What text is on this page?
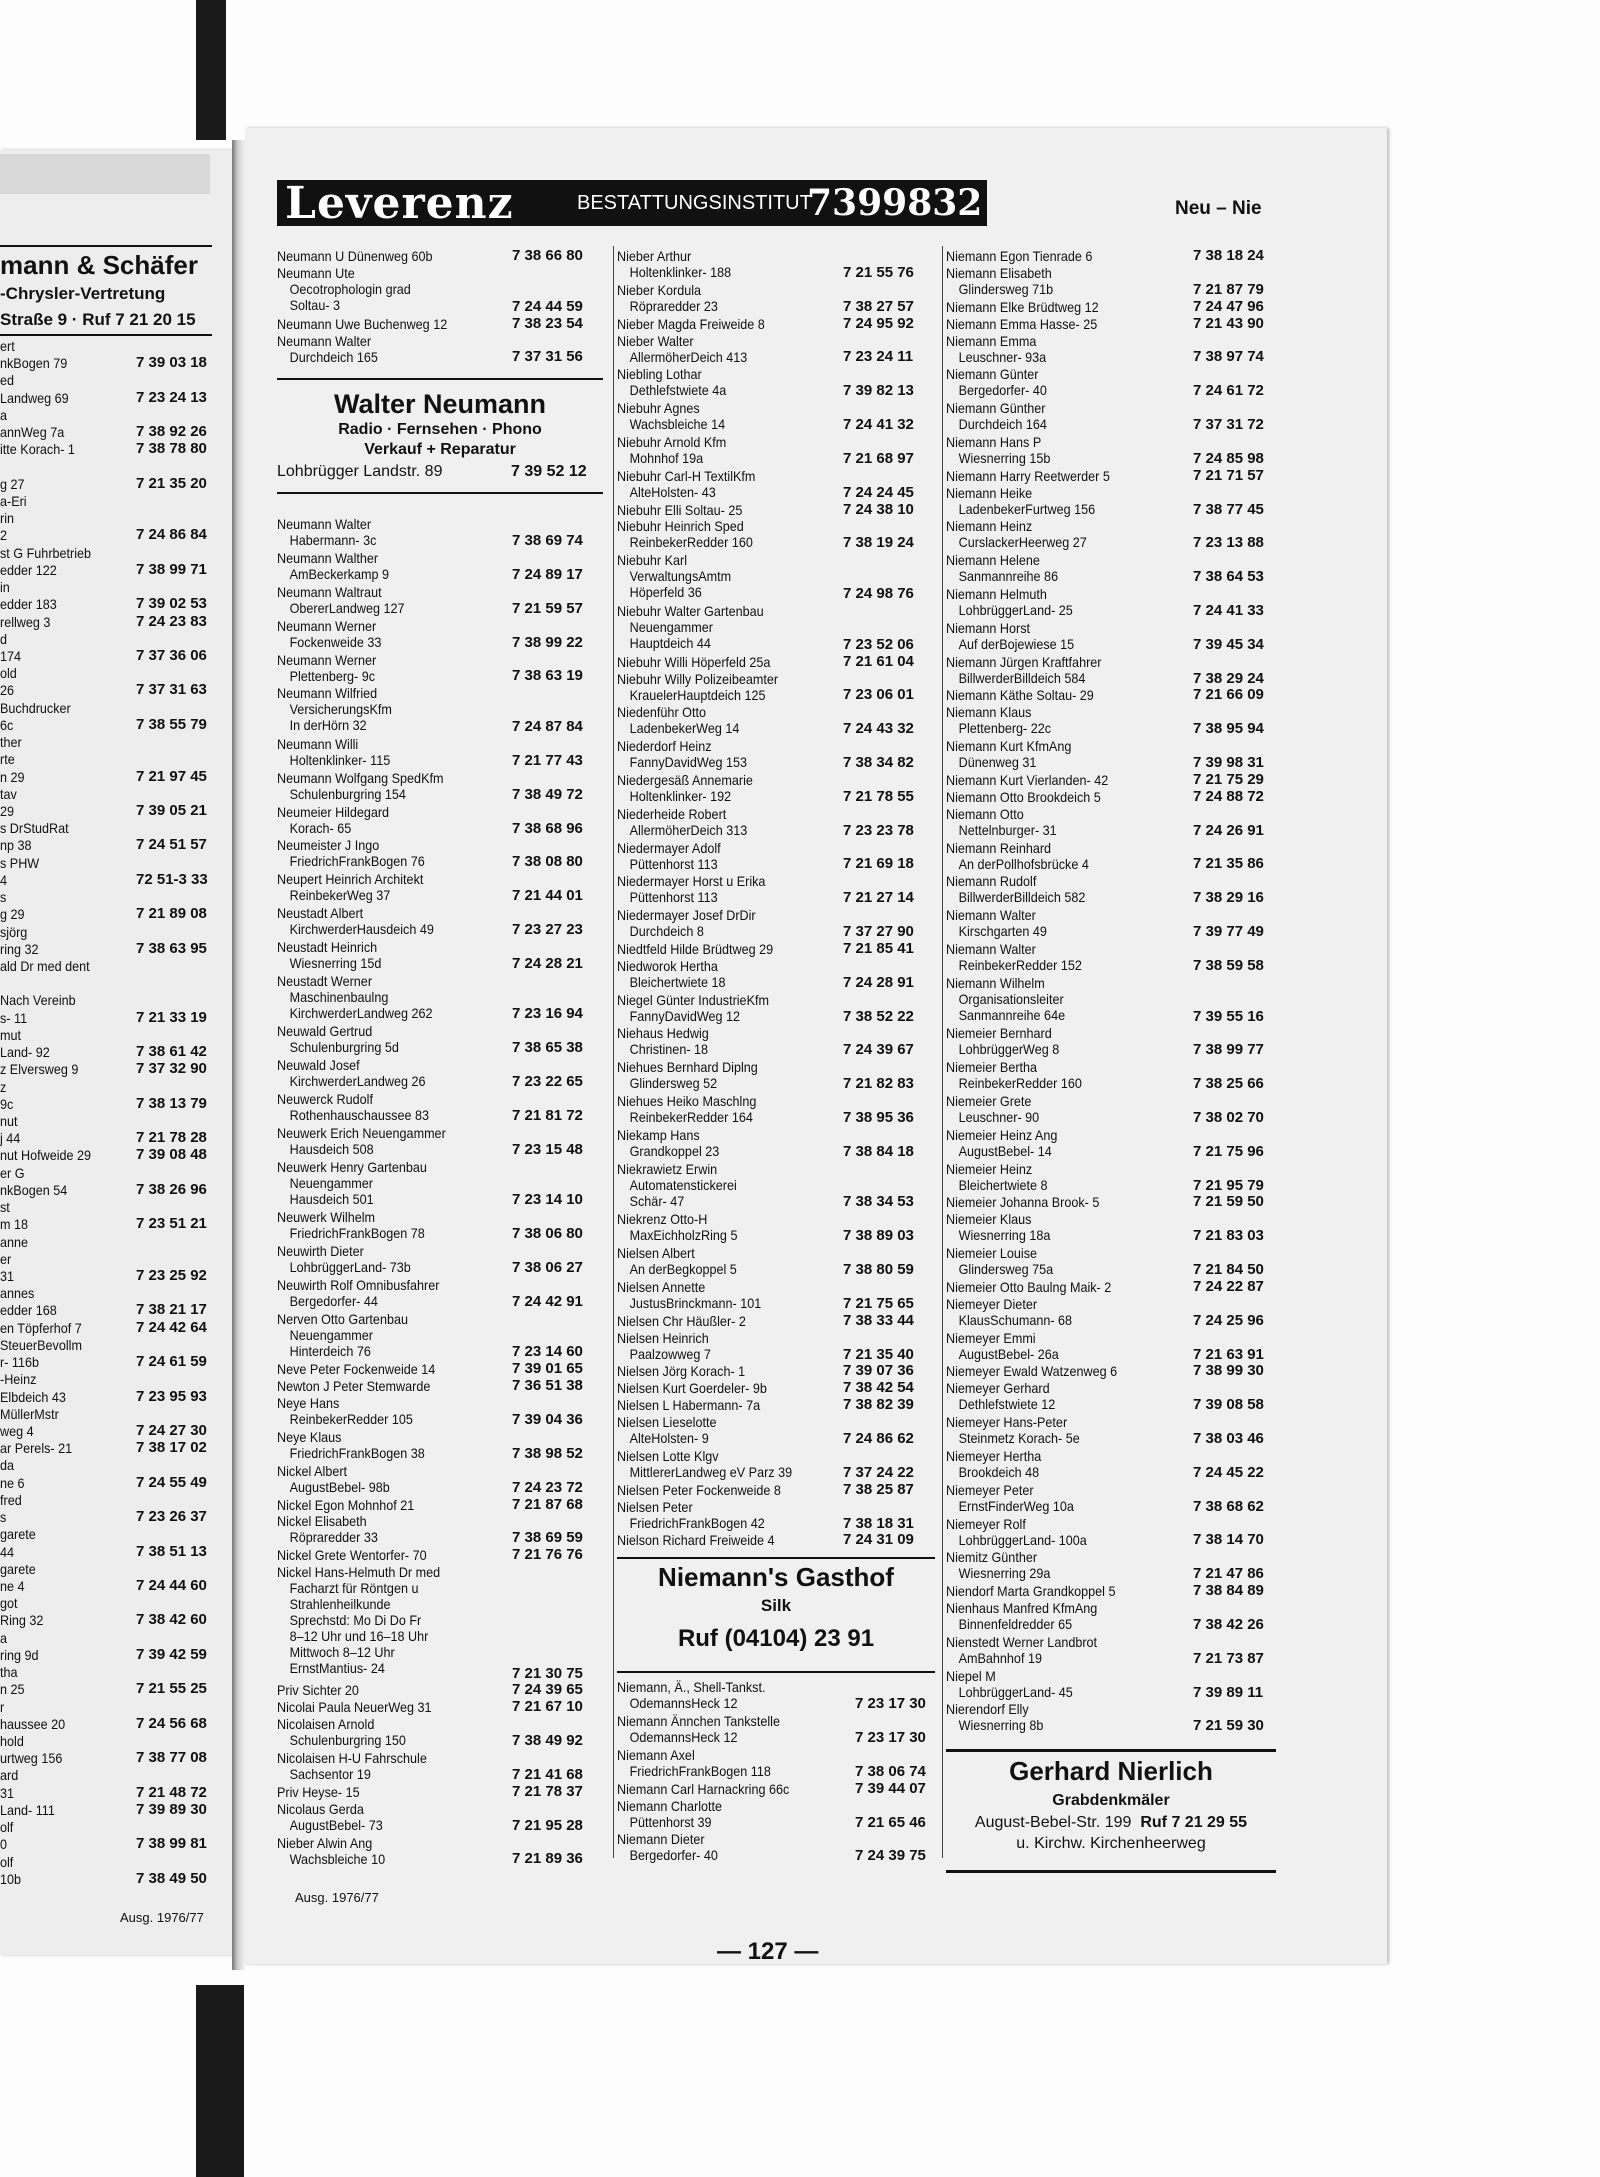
mann & Schäfer
-Chrysler-Vertretung
Straße 9 · Ruf 7 21 20 15
ert
nkBogen 79	7 39 03 18
ed
Landweg 69	7 23 24 13
a
annWeg 7a	7 38 92 26
itte Korach- 1	7 38 78 80
g 27	7 21 35 20
a-Eri
rin
2	7 24 86 84
st G Fuhrbetrieb
edder 122	7 38 99 71
in
edder 183	7 39 02 53
rellweg 3	7 24 23 83
d
174	7 37 36 06
old
26	7 37 31 63
Buchdrucker
6c	7 38 55 79
ther
rte
n 29	7 21 97 45
tav
29	7 39 05 21
s DrStudRat
np 38	7 24 51 57
s PHW
4	72 51-3 33
s
g 29	7 21 89 08
sjörg
ring 32	7 38 63 95
ald Dr med dent
Nach Vereinb
s- 11	7 21 33 19
mut
Land- 92	7 38 61 42
z Elversweg 9	7 37 32 90
z
9c	7 38 13 79
nut
j 44	7 21 78 28
nut Hofweide 29	7 39 08 48
er G
nkBogen 54	7 38 26 96
st
m 18	7 23 51 21
anne
er
31	7 23 25 92
annes
edder 168	7 38 21 17
en Töpferhof 7	7 24 42 64
SteuerBevollm
r- 116b	7 24 61 59
-Heinz
Elbdeich 43	7 23 95 93
MüllerMstr
weg 4	7 24 27 30
ar Perels- 21	7 38 17 02
da
ne 6	7 24 55 49
fred
s	7 23 26 37
garete
44	7 38 51 13
garete
ne 4	7 24 44 60
got
Ring 32	7 38 42 60
a
ring 9d	7 39 42 59
tha
n 25	7 21 55 25
r
haussee 20	7 24 56 68
hold
urtweg 156	7 38 77 08
ard
31	7 21 48 72
Land- 111	7 39 89 30
olf
0	7 38 99 81
olf
10b	7 38 49 50
Ausg. 1976/77
Leverenz	BESTATTUNGSINSTITUT
7399832	Neu – Nie
Neumann U Dünenweg 60b	7 38 66 80
Neumann Ute
Oecotrophologin grad
Soltau- 3	7 24 44 59
Neumann Uwe Buchenweg 12	7 38 23 54
Neumann Walter
Durchdeich 165	7 37 31 56
Walter Neumann
Radio · Fernsehen · Phono
Verkauf + Reparatur
Lohbrügger Landstr. 89	7 39 52 12
Neumann Walter
Habermann- 3c	7 38 69 74
Neumann Walther
AmBeckerkamp 9	7 24 89 17
Neumann Waltraut
ObererLandweg 127	7 21 59 57
Neumann Werner
Fockenweide 33	7 38 99 22
Neumann Werner
Plettenberg- 9c	7 38 63 19
Neumann Wilfried
VersicherungsKfm
In derHörn 32	7 24 87 84
Neumann Willi
Holtenklinker- 115	7 21 77 43
Neumann Wolfgang SpedKfm
Schulenburgring 154	7 38 49 72
Neumeier Hildegard
Korach- 65	7 38 68 96
Neumeister J Ingo
FriedrichFrankBogen 76	7 38 08 80
Neupert Heinrich Architekt
ReinbekerWeg 37	7 21 44 01
Neustadt Albert
KirchwerderHausdeich 49	7 23 27 23
Neustadt Heinrich
Wiesnerring 15d	7 24 28 21
Neustadt Werner
Maschinenbaulng
KirchwerderLandweg 262	7 23 16 94
Neuwald Gertrud
Schulenburgring 5d	7 38 65 38
Neuwald Josef
KirchwerderLandweg 26	7 23 22 65
Neuwerck Rudolf
Rothenhauschaussee 83	7 21 81 72
Neuwerk Erich Neuengammer
Hausdeich 508	7 23 15 48
Neuwerk Henry Gartenbau
Neuengammer
Hausdeich 501	7 23 14 10
Neuwerk Wilhelm
FriedrichFrankBogen 78	7 38 06 80
Neuwirth Dieter
LohbrüggerLand- 73b	7 38 06 27
Neuwirth Rolf Omnibusfahrer
Bergedorfer- 44	7 24 42 91
Nerven Otto Gartenbau
Neuengammer
Hinterdeich 76	7 23 14 60
Neve Peter Fockenweide 14	7 39 01 65
Newton J Peter Stemwarde	7 36 51 38
Neye Hans
ReinbekerRedder 105	7 39 04 36
Neye Klaus
FriedrichFrankBogen 38	7 38 98 52
Nickel Albert
AugustBebel- 98b	7 24 23 72
Nickel Egon Mohnhof 21	7 21 87 68
Nickel Elisabeth
Röpraredder 33	7 38 69 59
Nickel Grete Wentorfer- 70	7 21 76 76
Nickel Hans-Helmuth Dr med
Facharzt für Röntgen u
Strahlenheilkunde
Sprechstd: Mo Di Do Fr
8–12 Uhr und 16–18 Uhr
Mittwoch 8–12 Uhr
ErnstMantius- 24	7 21 30 75
Priv Sichter 20	7 24 39 65
Nicolai Paula NeuerWeg 31	7 21 67 10
Nicolaisen Arnold
Schulenburgring 150	7 38 49 92
Nicolaisen H-U Fahrschule
Sachsentor 19	7 21 41 68
Priv Heyse- 15	7 21 78 37
Nicolaus Gerda
AugustBebel- 73	7 21 95 28
Nieber Alwin Ang
Wachsbleiche 10	7 21 89 36
Ausg. 1976/77
Nieber Arthur
Holtenklinker- 188	7 21 55 76
Nieber Kordula
Röpraredder 23	7 38 27 57
Nieber Magda Freiweide 8	7 24 95 92
Nieber Walter
AllermöherDeich 413	7 23 24 11
Niebling Lothar
Dethlefstwiete 4a	7 39 82 13
Niebuhr Agnes
Wachsbleiche 14	7 24 41 32
Niebuhr Arnold Kfm
Mohnhof 19a	7 21 68 97
Niebuhr Carl-H TextilKfm
AlteHolsten- 43	7 24 24 45
Niebuhr Elli Soltau- 25	7 24 38 10
Niebuhr Heinrich Sped
ReinbekerRedder 160	7 38 19 24
Niebuhr Karl
VerwaltungsAmtm
Höperfeld 36	7 24 98 76
Niebuhr Walter Gartenbau
Neuengammer
Hauptdeich 44	7 23 52 06
Niebuhr Willi Höperfeld 25a	7 21 61 04
Niebuhr Willy Polizeibeamter
KrauelerHauptdeich 125	7 23 06 01
Niedenführ Otto
LadenbekerWeg 14	7 24 43 32
Niederdorf Heinz
FannyDavidWeg 153	7 38 34 82
Niedergesäß Annemarie
Holtenklinker- 192	7 21 78 55
Niederheide Robert
AllermöherDeich 313	7 23 23 78
Niedermayer Adolf
Püttenhorst 113	7 21 69 18
Niedermayer Horst u Erika
Püttenhorst 113	7 21 27 14
Niedermayer Josef DrDir
Durchdeich 8	7 37 27 90
Niedtfeld Hilde Brüdtweg 29	7 21 85 41
Niedworok Hertha
Bleichertwiete 18	7 24 28 91
Niegel Günter IndustrieKfm
FannyDavidWeg 12	7 38 52 22
Niehaus Hedwig
Christinen- 18	7 24 39 67
Niehues Bernhard Diplng
Glindersweg 52	7 21 82 83
Niehues Heiko Maschlng
ReinbekerRedder 164	7 38 95 36
Niekamp Hans
Grandkoppel 23	7 38 84 18
Niekrawietz Erwin
Automatenstickerei
Schär- 47	7 38 34 53
Niekrenz Otto-H
MaxEichholzRing 5	7 38 89 03
Nielsen Albert
An derBegkoppel 5	7 38 80 59
Nielsen Annette
JustusBrinckmann- 101	7 21 75 65
Nielsen Chr Häußler- 2	7 38 33 44
Nielsen Heinrich
Paalzowweg 7	7 21 35 40
Nielsen Jörg Korach- 1	7 39 07 36
Nielsen Kurt Goerdeler- 9b	7 38 42 54
Nielsen L Habermann- 7a	7 38 82 39
Nielsen Lieselotte
AlteHolsten- 9	7 24 86 62
Nielsen Lotte Klgv
MittlererLandweg eV Parz 39	7 37 24 22
Nielsen Peter Fockenweide 8	7 38 25 87
Nielsen Peter
FriedrichFrankBogen 42	7 38 18 31
Nielson Richard Freiweide 4	7 24 31 09
Niemann's Gasthof
Silk
Ruf (04104) 23 91
Niemann, Ä., Shell-Tankst.
OdemannsHeck 12	7 23 17 30
Niemann Ännchen Tankstelle
OdemannsHeck 12	7 23 17 30
Niemann Axel
FriedrichFrankBogen 118	7 38 06 74
Niemann Carl Harnackring 66c	7 39 44 07
Niemann Charlotte
Püttenhorst 39	7 21 65 46
Niemann Dieter
Bergedorfer- 40	7 24 39 75
— 127 —
Niemann Egon Tienrade 6	7 38 18 24
Niemann Elisabeth
Glindersweg 71b	7 21 87 79
Niemann Elke Brüdtweg 12	7 24 47 96
Niemann Emma Hasse- 25	7 21 43 90
Niemann Emma
Leuschner- 93a	7 38 97 74
Niemann Günter
Bergedorfer- 40	7 24 61 72
Niemann Günther
Durchdeich 164	7 37 31 72
Niemann Hans P
Wiesnerring 15b	7 24 85 98
Niemann Harry Reetwerder 5	7 21 71 57
Niemann Heike
LadenbekerFurtweg 156	7 38 77 45
Niemann Heinz
CurslackerHeerweg 27	7 23 13 88
Niemann Helene
Sanmannreihe 86	7 38 64 53
Niemann Helmuth
LohbrüggerLand- 25	7 24 41 33
Niemann Horst
Auf derBojewiese 15	7 39 45 34
Niemann Jürgen Kraftfahrer
BillwerderBilldeich 584	7 38 29 24
Niemann Käthe Soltau- 29	7 21 66 09
Niemann Klaus
Plettenberg- 22c	7 38 95 94
Niemann Kurt KfmAng
Dünenweg 31	7 39 98 31
Niemann Kurt Vierlanden- 42	7 21 75 29
Niemann Otto Brookdeich 5	7 24 88 72
Niemann Otto
Nettelnburger- 31	7 24 26 91
Niemann Reinhard
An derPollhofsbrücke 4	7 21 35 86
Niemann Rudolf
BillwerderBilldeich 582	7 38 29 16
Niemann Walter
Kirschgarten 49	7 39 77 49
Niemann Walter
ReinbekerRedder 152	7 38 59 58
Niemann Wilhelm
Organisationsleiter
Sanmannreihe 64e	7 39 55 16
Niemeier Bernhard
LohbrüggerWeg 8	7 38 99 77
Niemeier Bertha
ReinbekerRedder 160	7 38 25 66
Niemeier Grete
Leuschner- 90	7 38 02 70
Niemeier Heinz Ang
AugustBebel- 14	7 21 75 96
Niemeier Heinz
Bleichertwiete 8	7 21 95 79
Niemeier Johanna Brook- 5	7 21 59 50
Niemeier Klaus
Wiesnerring 18a	7 21 83 03
Niemeier Louise
Glindersweg 75a	7 21 84 50
Niemeier Otto Baulng Maik- 2	7 24 22 87
Niemeyer Dieter
KlausSchumann- 68	7 24 25 96
Niemeyer Emmi
AugustBebel- 26a	7 21 63 91
Niemeyer Ewald Watzenweg 6	7 38 99 30
Niemeyer Gerhard
Dethlefstwiete 12	7 39 08 58
Niemeyer Hans-Peter
Steinmetz Korach- 5e	7 38 03 46
Niemeyer Hertha
Brookdeich 48	7 24 45 22
Niemeyer Peter
ErnstFinderWeg 10a	7 38 68 62
Niemeyer Rolf
LohbrüggerLand- 100a	7 38 14 70
Niemitz Günther
Wiesnerring 29a	7 21 47 86
Niendorf Marta Grandkoppel 5	7 38 84 89
Nienhaus Manfred KfmAng
Binnenfeldredder 65	7 38 42 26
Nienstedt Werner Landbrot
AmBahnhof 19	7 21 73 87
Niepel M
LohbrüggerLand- 45	7 39 89 11
Nierendorf Elly
Wiesnerring 8b	7 21 59 30
Gerhard Nierlich
Grabdenkmäler
August-Bebel-Str. 199  Ruf 7 21 29 55
u. Kirchw. Kirchenheerweg
